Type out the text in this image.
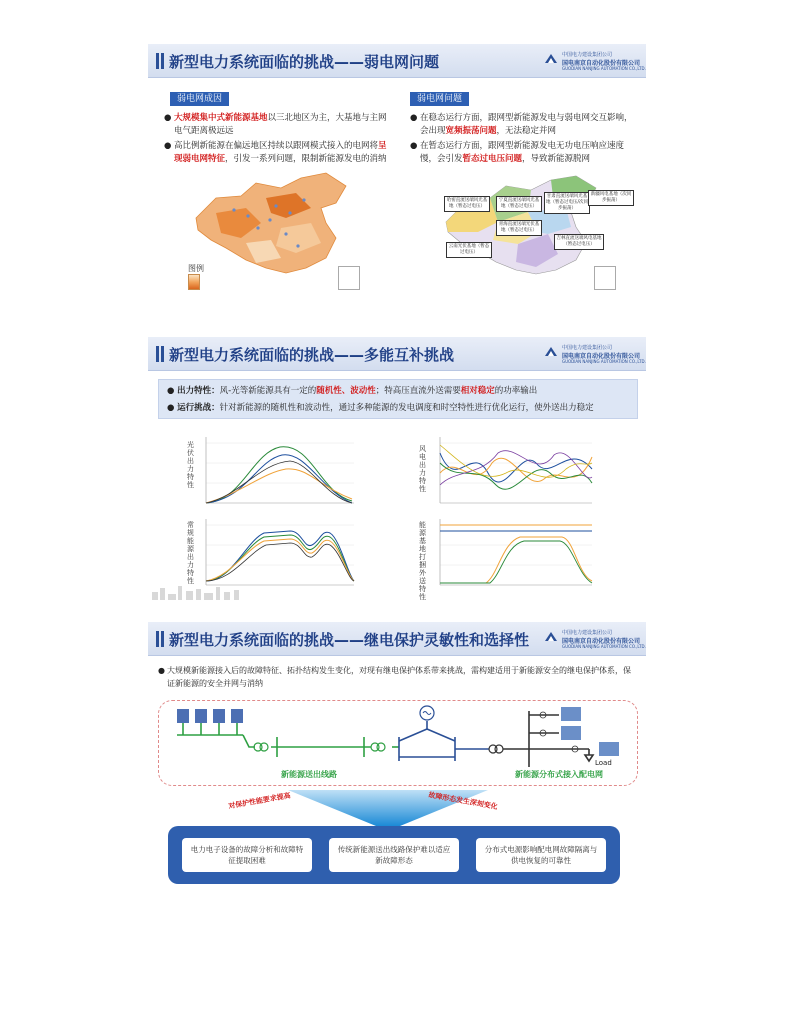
新型电力系统面临的挑战——弱电网问题	中国电力建设集团公司
国电南京自动化股份有限公司
GUODIAN NANJING AUTOMATION CO.,LTD.
弱电网成因	弱电网问题
● 大规模集中式新能源基地以三北地区为主，大基地与主网电气距离极远远
● 高比例新能源在偏远地区持续以跟网模式接入的电网将呈现弱电网特征，引发一系列问题，限制新能源发电的消纳
● 在稳态运行方面，跟网型新能源发电与弱电网交互影响，会出现宽频振荡问题，无法稳定并网
● 在暂态运行方面，跟网型新能源发电无功电压响应速度慢，会引发暂态过电压问题，导致新能源脱网
图例
哈密直流送端风光基地（暂态过电压）
宁夏直流送端风光基地（暂态过电压）
青海直流送端光伏基地（暂态过电压）
甘肃直流送端风光基地（暂态过电压/次同步振荡）
新疆风电基地（次同步振荡）
吉林直流送端风电基地（暂态过电压）
云南光伏基地（暂态过电压）
新型电力系统面临的挑战——多能互补挑战	中国电力建设集团公司
国电南京自动化股份有限公司
GUODIAN NANJING AUTOMATION CO.,LTD.
● 出力特性：风-光等新能源具有一定的随机性、波动性；特高压直流外送需要相对稳定的功率输出
● 运行挑战：针对新能源的随机性和波动性，通过多种能源的发电调度和时空特性进行优化运行，使外送出力稳定
光伏出力特性
风电出力特性
常规能源出力特性
能源基地打捆外送特性
新型电力系统面临的挑战——继电保护灵敏性和选择性	中国电力建设集团公司
国电南京自动化股份有限公司
GUODIAN NANJING AUTOMATION CO.,LTD.
● 大规模新能源接入后的故障特征、拓扑结构发生变化，对现有继电保护体系带来挑战，需构建适用于新能源安全的继电保护体系，保证新能源的安全并网与消纳
新能源送出线路	新能源分布式接入配电网
Load
对保护性能要求提高	故障形态发生深刻变化
电力电子设备的故障分析和故障特征提取困难
传统新能源送出线路保护难以适应新故障形态
分布式电源影响配电网故障隔离与供电恢复的可靠性
